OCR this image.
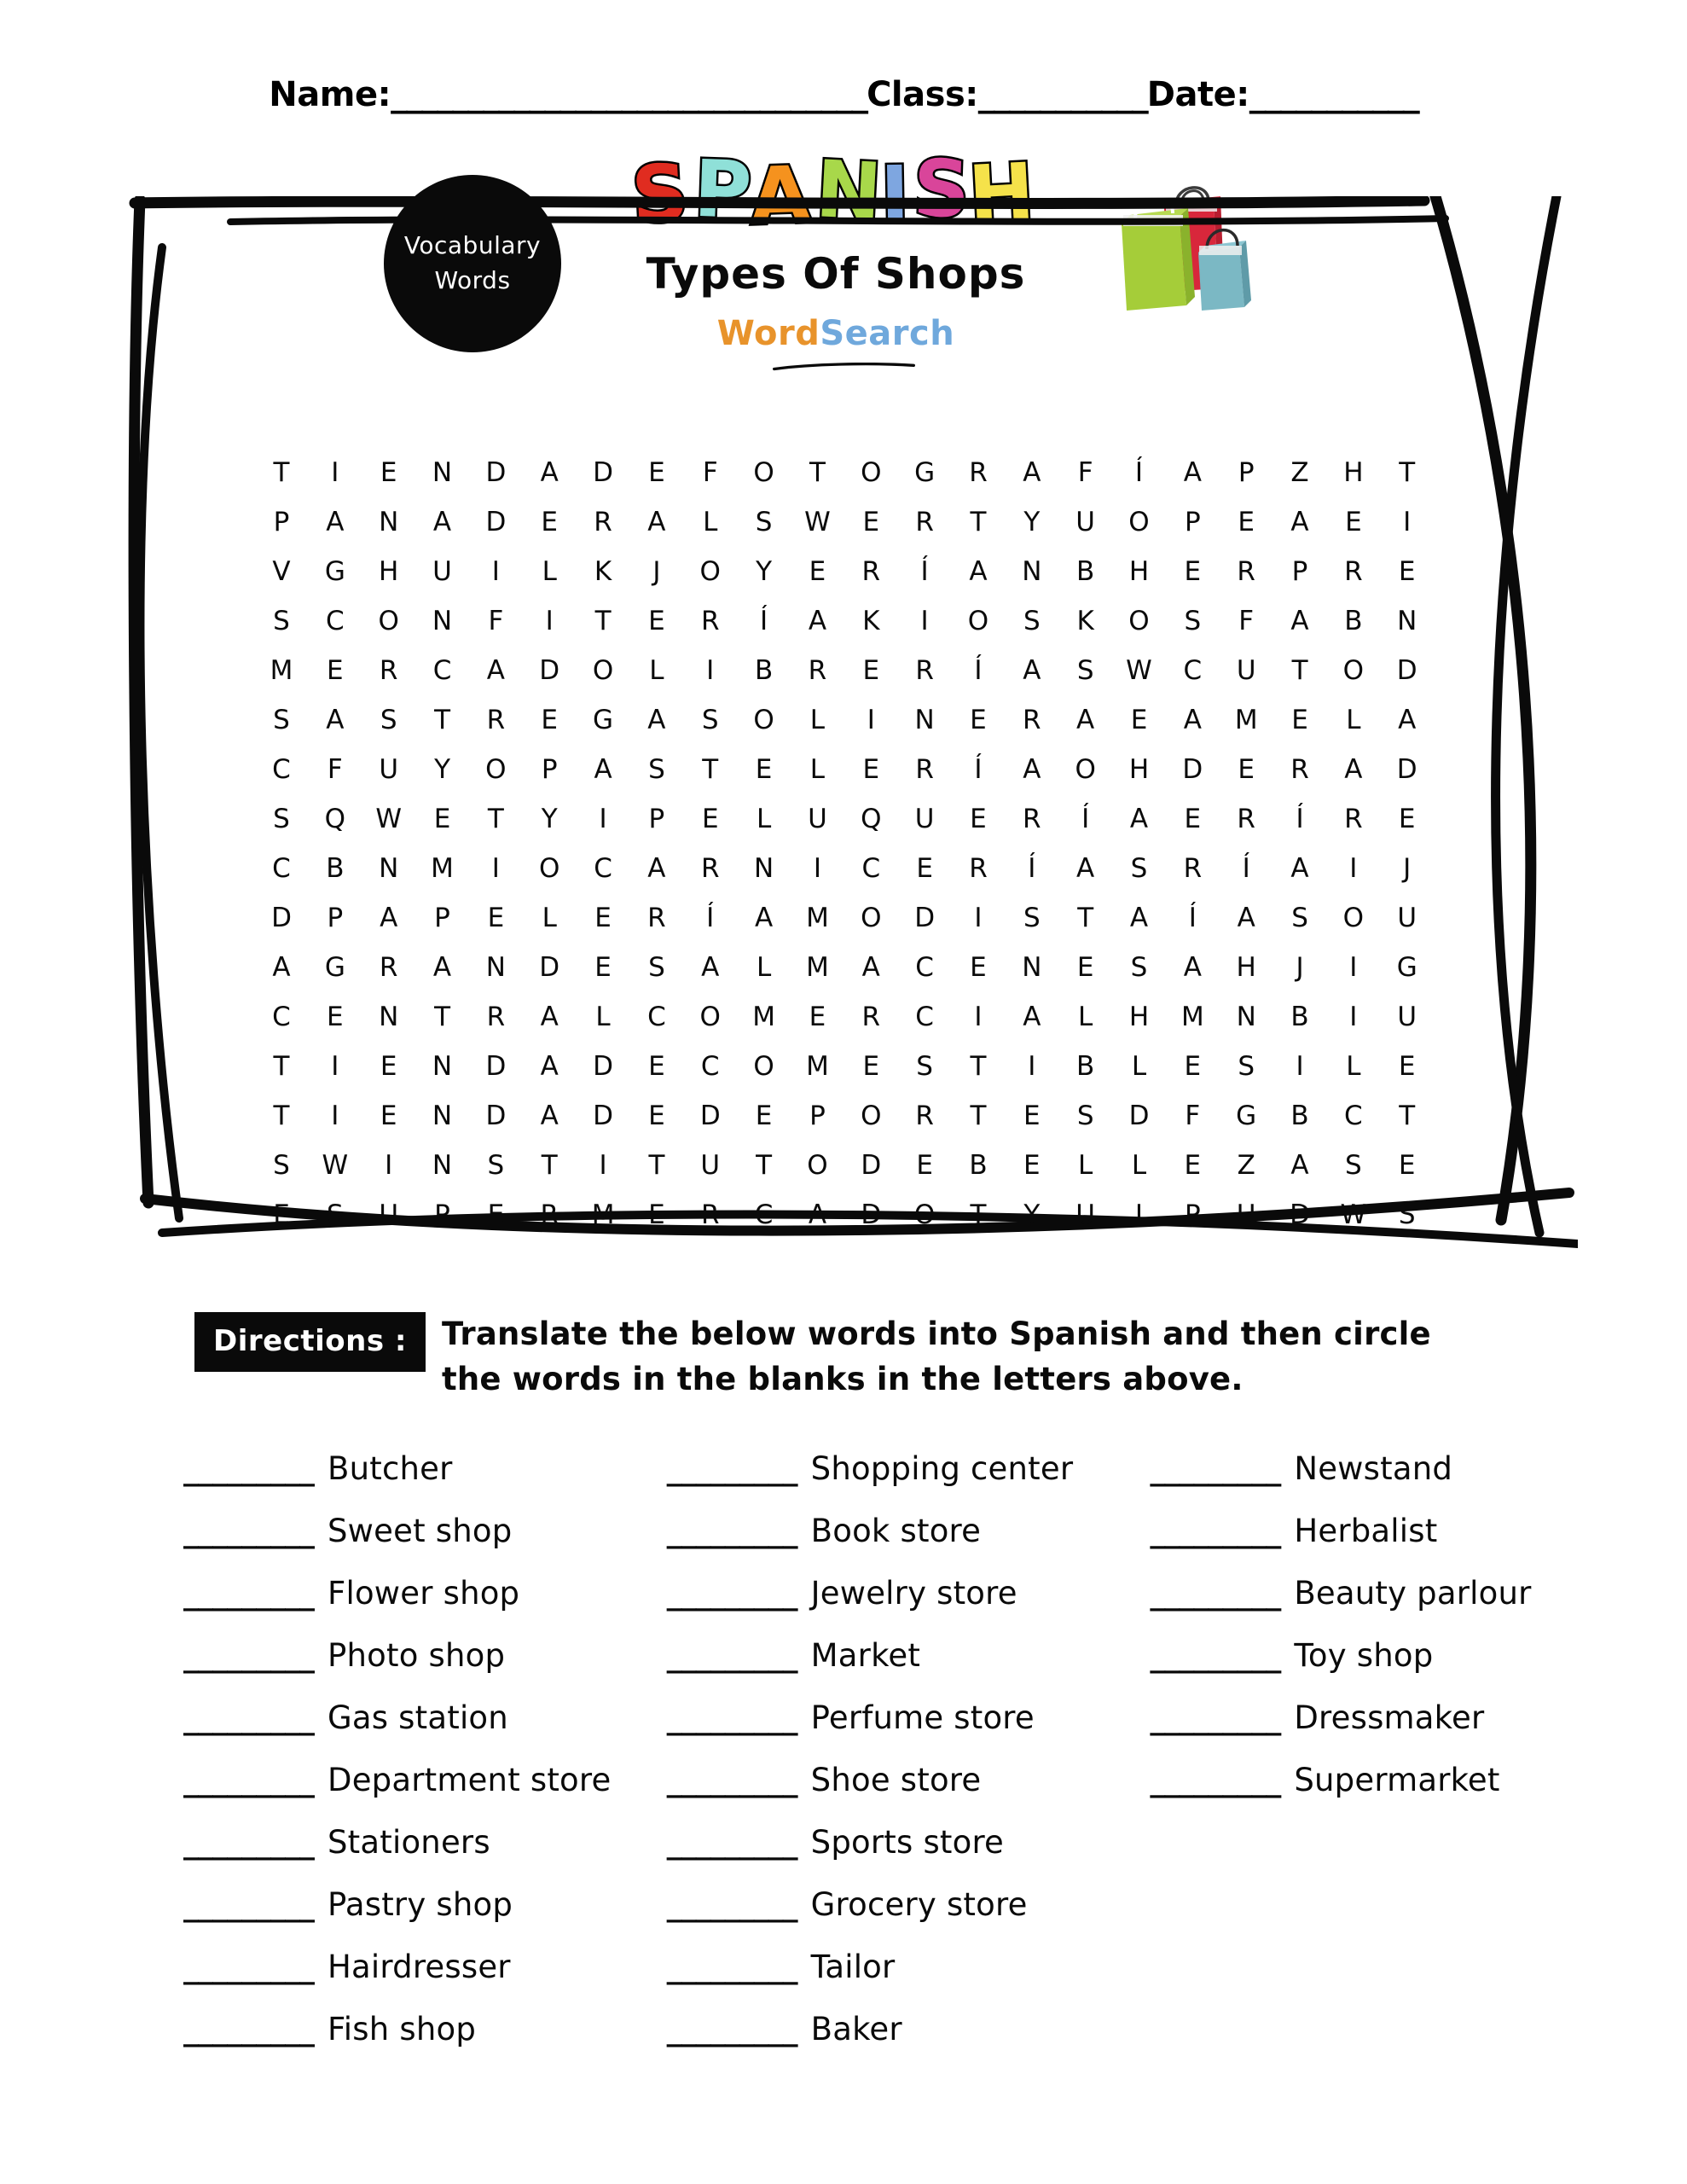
Name:_______________________________Class:___________Date:___________
Vocabulary
Words
SPANISH
Types Of Shops
WordSearch
T	I	E	N D	A	D	E	F	O	T	O G R	A	F	Í	A	P	Z	H	T
P	A	N	A	D	E	R	A	L	S	W	E	R	T	Y	U O	P	E	A	E	I
V	G H U	I	L	K	J	O	Y	E	R	Í	A	N	B	H	E	R	P	R	E
S	C O N	F	I	T	E	R	Í	A	K	I	O	S	K	O	S	F	A	B	N
M	E	R C	A	D O	L	I	B	R	E	R	Í	A	S	W C U	T	O D
S	A	S	T	R	E	G	A	S	O	L	I	N	E	R	A	E	A	M	E	L	A
C	F	U	Y	O	P	A	S	T	E	L	E	R	Í	A	O H D	E	R	A	D
S	Q W	E	T	Y	I	P	E	L	U Q U	E	R	Í	A	E	R	Í	R	E
C	B	N M	I	O C	A	R N	I	C	E	R	Í	A	S	R	Í	A	I	J
D	P	A	P	E	L	E	R	Í	A	M O D	I	S	T	A	Í	A	S	O U
A	G R	A	N D	E	S	A	L	M	A	C	E	N	E	S	A	H	J	I	G
C	E	N	T	R	A	L	C O M	E	R C	I	A	L	H M N	B	I	U
T	I	E	N D	A	D	E	C O M	E	S	T	I	B	L	E	S	I	L	E
T	I	E	N D	A	D	E	D	E	P	O R	T	E	S	D	F	G	B	C	T
S	W	I	N	S	T	I	T	U	T	O D	E	B	E	L	L	E	Z	A	S	E
E	S	U	P	E	R M	E	R C	A	D O	T	Y	U	I	P	H D W	S
Directions :	Translate the below words into Spanish and then circle the words in the blanks in the letters above.
_________ Butcher
_________ Sweet shop
_________ Flower shop
_________ Photo shop
_________ Gas station
_________ Department store
_________ Stationers
_________ Pastry shop
_________ Hairdresser
_________ Fish shop
_________ Shopping center
_________ Book store
_________ Jewelry store
_________ Market
_________ Perfume store
_________ Shoe store
_________ Sports store
_________ Grocery store
_________ Tailor
_________ Baker
_________ Newstand
_________ Herbalist
_________ Beauty parlour
_________ Toy shop
_________ Dressmaker
_________ Supermarket
